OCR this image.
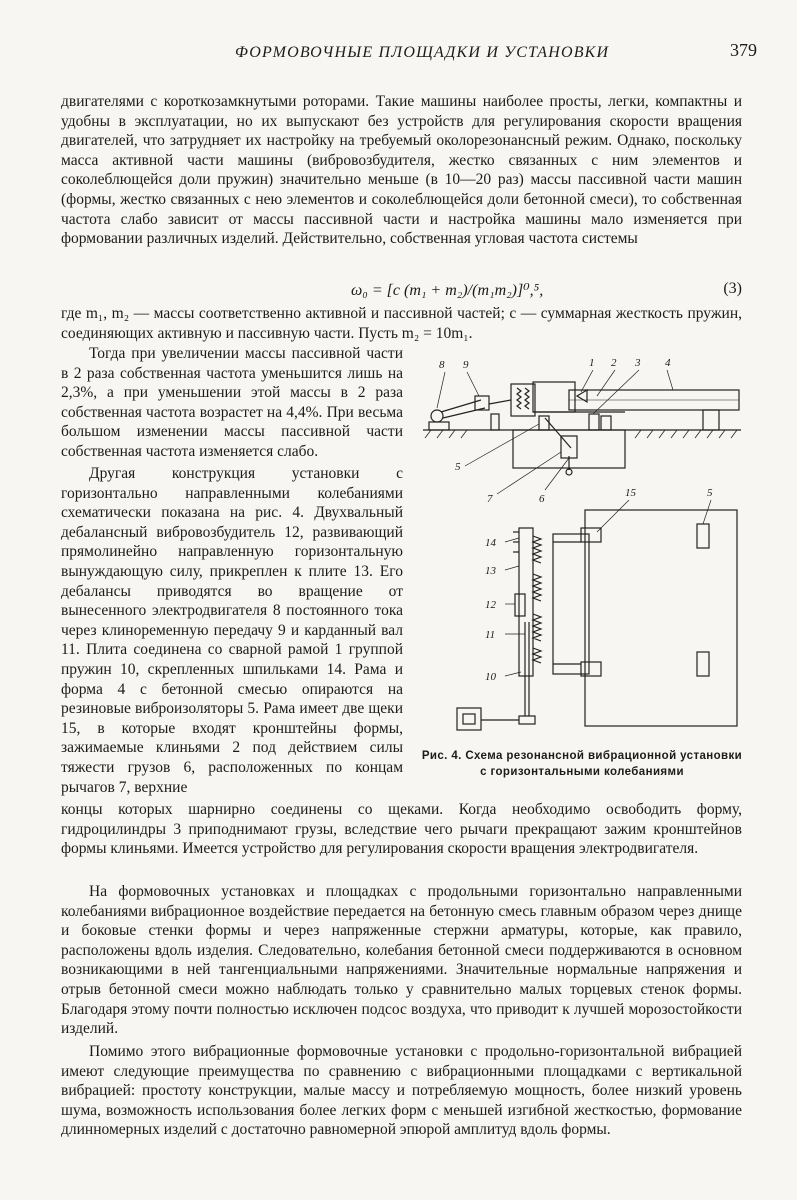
ФОРМОВОЧНЫЕ ПЛОЩАДКИ И УСТАНОВКИ	379
двигателями с короткозамкнутыми роторами. Такие машины наиболее просты, легки, компактны и удобны в эксплуатации, но их выпускают без устройств для регулирования скорости вращения двигателей, что затрудняет их настройку на требуемый околорезонансный режим. Однако, поскольку масса активной части машины (вибровозбудителя, жестко связанных с ним элементов и соколеблющейся доли пружин) значительно меньше (в 10—20 раз) массы пассивной части машин (формы, жестко связанных с нею элементов и соколеблющейся доли бетонной смеси), то собственная частота слабо зависит от массы пассивной части и настройка машины мало изменяется при формовании различных изделий. Действительно, собственная угловая частота системы
ω₀ = [c (m₁ + m₂)/(m₁m₂)]⁰,⁵,	(3)
где m₁, m₂ — массы соответственно активной и пассивной частей; c — суммарная жесткость пружин, соединяющих активную и пассивную части. Пусть m₂ = 10m₁.
Тогда при увеличении массы пассивной части в 2 раза собственная частота уменьшится лишь на 2,3%, а при уменьшении этой массы в 2 раза собственная частота возрастет на 4,4%. При весьма большом изменении массы пассивной части собственная частота изменяется слабо.
Другая конструкция установки с горизонтально направленными колебаниями схематически показана на рис. 4. Двухвальный дебалансный вибровозбудитель 12, развивающий прямолинейно направленную горизонтальную вынуждающую силу, прикреплен к плите 13. Его дебалансы приводятся во вращение от вынесенного электродвигателя 8 постоянного тока через клиноременную передачу 9 и карданный вал 11. Плита соединена со сварной рамой 1 группой пружин 10, скрепленных шпильками 14. Рама и форма 4 с бетонной смесью опираются на резиновые виброизоляторы 5. Рама имеет две щеки 15, в которые входят кронштейны формы, зажимаемые клиньями 2 под действием силы тяжести грузов 6, расположенных по концам рычагов 7, верхние
концы которых шарнирно соединены со щеками. Когда необходимо освободить форму, гидроцилиндры 3 приподнимают грузы, вследствие чего рычаги прекращают зажим кронштейнов формы клиньями. Имеется устройство для регулирования скорости вращения электродвигателя.
На формовочных установках и площадках с продольными горизонтально направленными колебаниями вибрационное воздействие передается на бетонную смесь главным образом через днище и боковые стенки формы и через напряженные стержни арматуры, которые, как правило, расположены вдоль изделия. Следовательно, колебания бетонной смеси поддерживаются в основном возникающими в ней тангенциальными напряжениями. Значительные нормальные напряжения и отрыв бетонной смеси можно наблюдать только у сравнительно малых торцевых стенок формы. Благодаря этому почти полностью исключен подсос воздуха, что приводит к лучшей морозостойкости изделий.
Помимо этого вибрационные формовочные установки с продольно-горизонтальной вибрацией имеют следующие преимущества по сравнению с вибрационными площадками с вертикальной вибрацией: простоту конструкции, малые массу и потребляемую мощность, более низкий уровень шума, возможность использования более легких форм с меньшей изгибной жесткостью, формование длинномерных изделий с достаточно равномерной эпюрой амплитуд вдоль формы.
8 9	1 2 3 4
5
7	6	15	5
14
13
12
11
10
Рис. 4. Схема резонансной вибрационной установки с горизонтальными колебаниями
